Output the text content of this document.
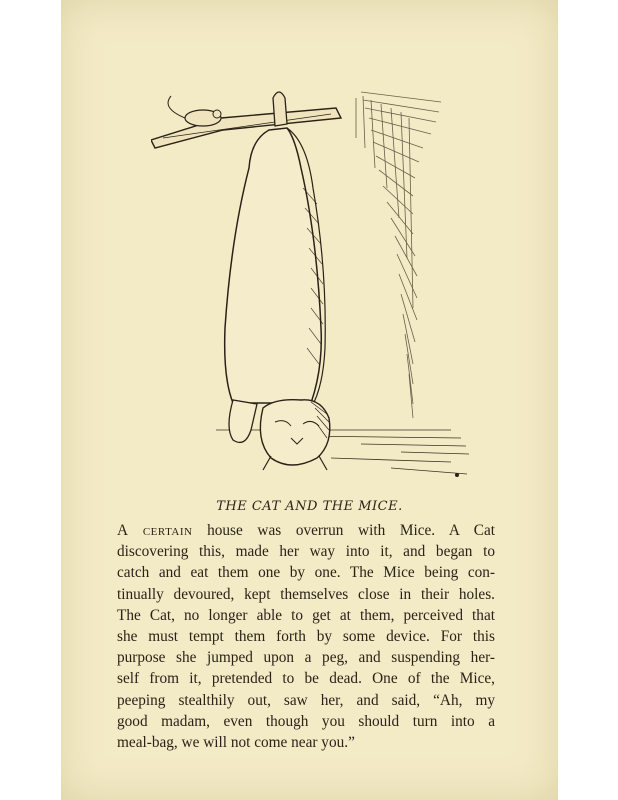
THE CAT AND THE MICE.

A certain house was overrun with Mice. A Cat
discovering this, made her way into it, and began to
catch and eat them one by one. The Mice being con-
tinually devoured, kept themselves close in their holes.
The Cat, no longer able to get at them, perceived that
she must tempt them forth by some device. For this
purpose she jumped upon a peg, and suspending her-
self from it, pretended to be dead. One of the Mice,
peeping stealthily out, saw her, and said, “Ah, my
good madam, even though you should turn into a
meal-bag, we will not come near you.”
